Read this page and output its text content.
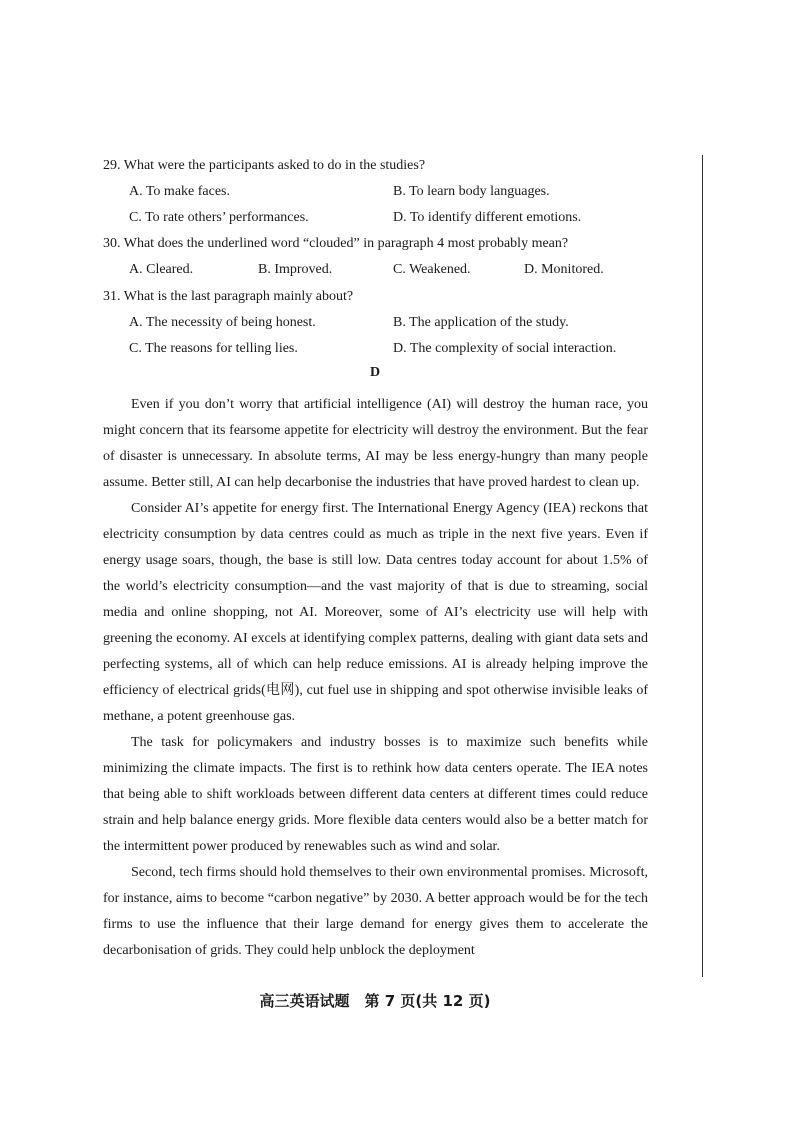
29. What were the participants asked to do in the studies?
A. To make faces.	B. To learn body languages.
C. To rate others’ performances.	D. To identify different emotions.
30. What does the underlined word “clouded” in paragraph 4 most probably mean?
A. Cleared.	B. Improved.	C. Weakened.	D. Monitored.
31. What is the last paragraph mainly about?
A. The necessity of being honest.	B. The application of the study.
C. The reasons for telling lies.	D. The complexity of social interaction.
D

Even if you don’t worry that artificial intelligence (AI) will destroy the human race, you might concern that its fearsome appetite for electricity will destroy the environment. But the fear of disaster is unnecessary. In absolute terms, AI may be less energy-hungry than many people assume. Better still, AI can help decarbonise the industries that have proved hardest to clean up.

Consider AI’s appetite for energy first. The International Energy Agency (IEA) reckons that electricity consumption by data centres could as much as triple in the next five years. Even if energy usage soars, though, the base is still low. Data centres today account for about 1.5% of the world’s electricity consumption—and the vast majority of that is due to streaming, social media and online shopping, not AI. Moreover, some of AI’s electricity use will help with greening the economy. AI excels at identifying complex patterns, dealing with giant data sets and perfecting systems, all of which can help reduce emissions. AI is already helping improve the efficiency of electrical grids(电网), cut fuel use in shipping and spot otherwise invisible leaks of methane, a potent greenhouse gas.

The task for policymakers and industry bosses is to maximize such benefits while minimizing the climate impacts. The first is to rethink how data centers operate. The IEA notes that being able to shift workloads between different data centers at different times could reduce strain and help balance energy grids. More flexible data centers would also be a better match for the intermittent power produced by renewables such as wind and solar.

Second, tech firms should hold themselves to their own environmental promises. Microsoft, for instance, aims to become “carbon negative” by 2030. A better approach would be for the tech firms to use the influence that their large demand for energy gives them to accelerate the decarbonisation of grids. They could help unblock the deployment

高三英语试题　第 7 页(共 12 页)
